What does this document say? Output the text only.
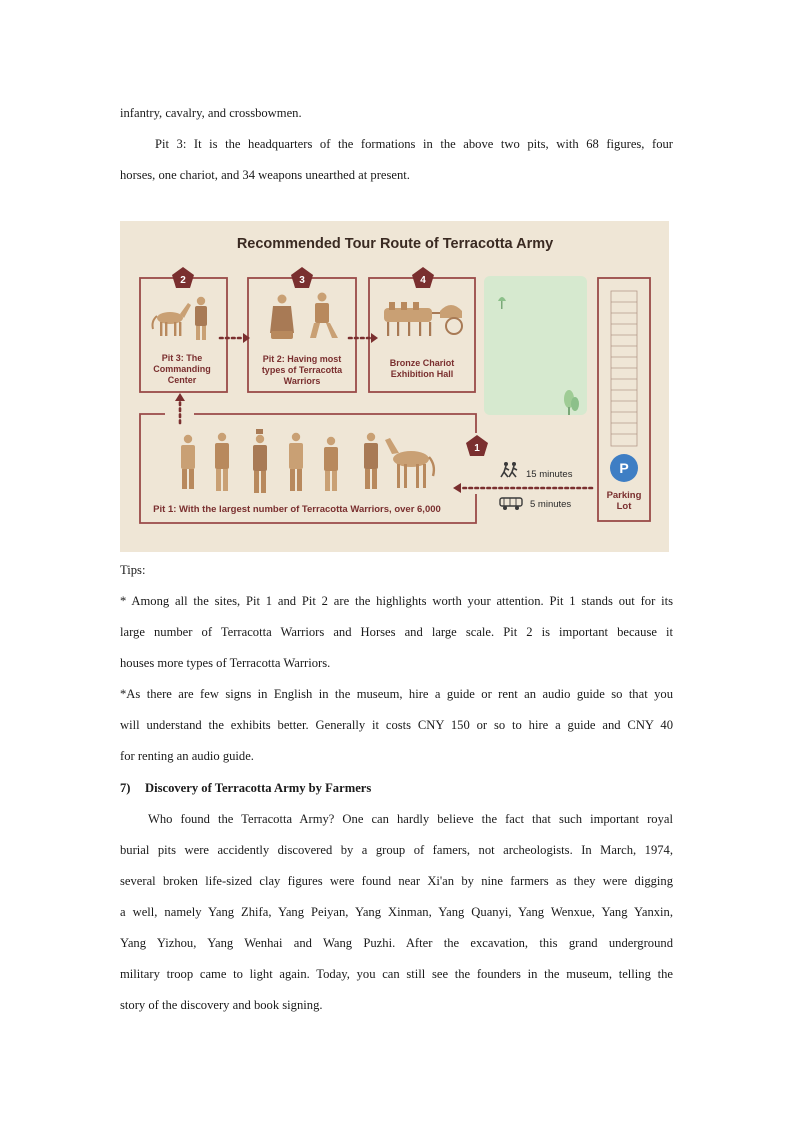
infantry, cavalry, and crossbowmen.
Pit 3: It is the headquarters of the formations in the above two pits, with 68 figures, four
horses, one chariot, and 34 weapons unearthed at present.
Recommended Tour Route of Terracotta Army
Pit 3: The
Commanding
Center
2
Pit 2: Having most
types of Terracotta
Warriors
3
Bronze Chariot
Exhibition Hall
4
P
Parking
Lot
Pit 1: With the largest number of Terracotta Warriors, over 6,000
1
15 minutes
5 minutes
Tips:
* Among all the sites, Pit 1 and Pit 2 are the highlights worth your attention. Pit 1 stands out for its
large number of Terracotta Warriors and Horses and large scale. Pit 2 is important because it
houses more types of Terracotta Warriors.
*As there are few signs in English in the museum, hire a guide or rent an audio guide so that you
will understand the exhibits better. Generally it costs CNY 150 or so to hire a guide and CNY 40
for renting an audio guide.
7) Discovery of Terracotta Army by Farmers
Who found the Terracotta Army? One can hardly believe the fact that such important royal
burial pits were accidently discovered by a group of famers, not archeologists. In March, 1974,
several broken life-sized clay figures were found near Xi'an by nine farmers as they were digging
a well, namely Yang Zhifa, Yang Peiyan, Yang Xinman, Yang Quanyi, Yang Wenxue, Yang Yanxin,
Yang Yizhou, Yang Wenhai and Wang Puzhi. After the excavation, this grand underground
military troop came to light again. Today, you can still see the founders in the museum, telling the
story of the discovery and book signing.
